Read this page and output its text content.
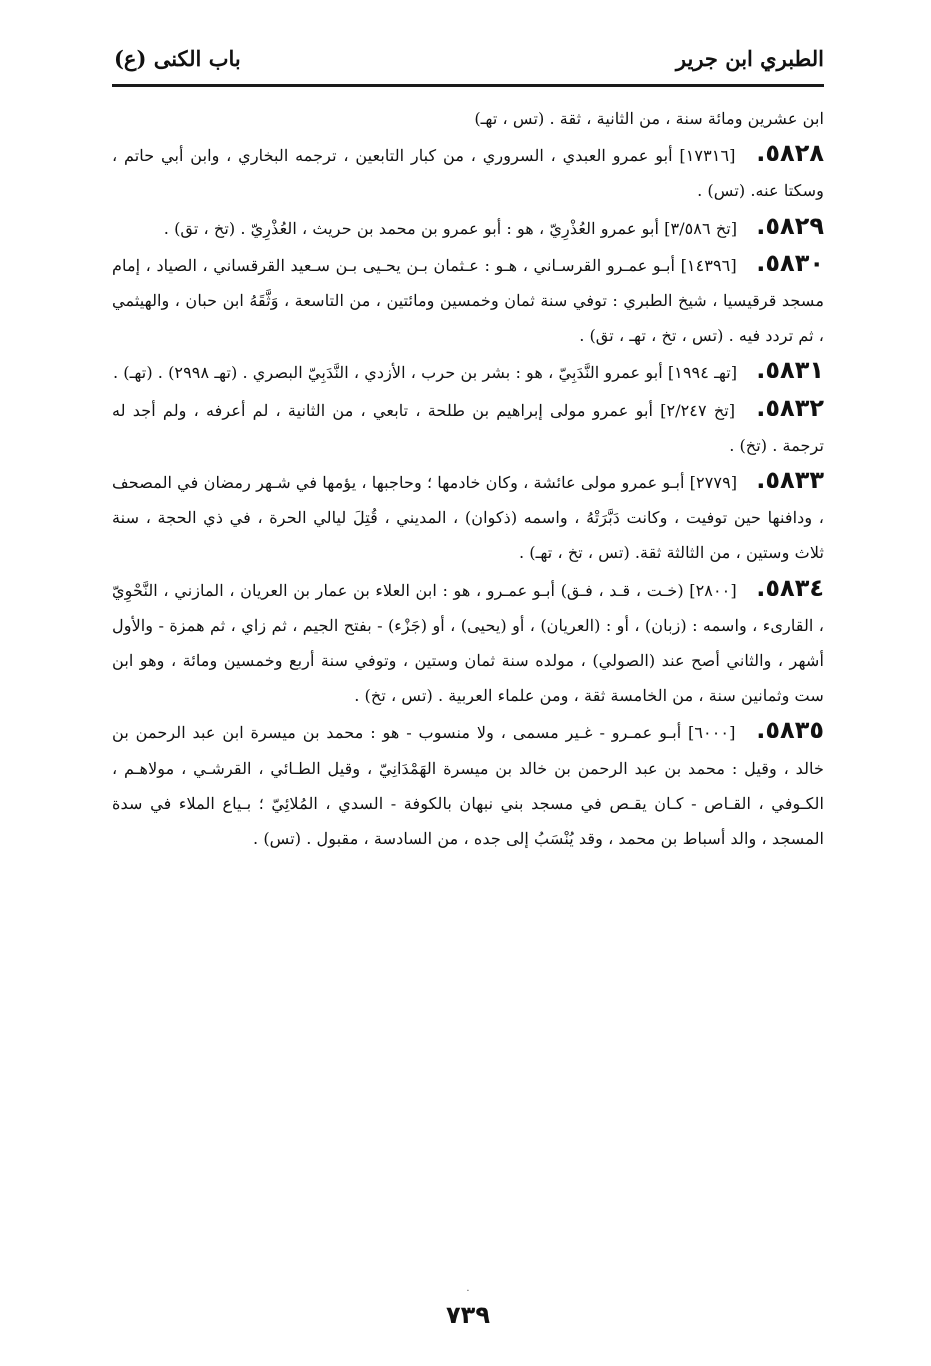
الطبري ابن جرير
باب الكنى (ع)

ابن عشرين ومائة سنة ، من الثانية ، ثقة . (تس ، تهـ)

٥٨٢٨. [١٧٣١٦] أبو عمرو العبدي ، السروري ، من كبار التابعين ، ترجمه البخاري ، وابن أبي حاتم ، وسكتا عنه. (تس) .

٥٨٢٩. [تخ ٣/٥٨٦] أبو عمرو العُذْرِيّ ، هو : أبو عمرو بن محمد بن حريث ، العُذْرِيّ . (تخ ، تق) .

٥٨٣٠. [١٤٣٩٦] أبـو عمـرو القرسـاني ، هـو : عـثمان بـن يحـيى بـن سـعيد القرقساني ، الصياد ، إمام مسجد قرقيسيا ، شيخ الطبري : توفي سنة ثمان وخمسين ومائتين ، من التاسعة ، وَثَّقَهُ ابن حبان ، والهيثمي ، ثم تردد فيه . (تس ، تخ ، تهـ ، تق) .

٥٨٣١. [تهـ ١٩٩٤] أبو عمرو النَّدَبِيّ ، هو : بشر بن حرب ، الأزدي ، النَّدَبِيّ البصري . (تهـ ٢٩٩٨) . (تهـ) .

٥٨٣٢. [تخ ٢/٢٤٧] أبو عمرو مولى إبراهيم بن طلحة ، تابعي ، من الثانية ، لم أعرفه ، ولم أجد له ترجمة . (تخ) .

٥٨٣٣. [٢٧٧٩] أبـو عمرو مولى عائشة ، وكان خادمها ؛ وحاجبها ، يؤمها في شـهر رمضان في المصحف ، ودافنها حين توفيت ، وكانت دَبَّرَتْهُ ، واسمه (ذكوان) ، المديني ، قُتِلَ ليالي الحرة ، في ذي الحجة ، سنة ثلاث وستين ، من الثالثة ثقة. (تس ، تخ ، تهـ) .

٥٨٣٤. [٢٨٠٠] (خـت ، قـد ، فـق) أبـو عمـرو ، هو : ابن العلاء بن عمار بن العريان ، المازني ، النَّحْوِيّ ، القارىء ، واسمه : (زبان) ، أو : (العريان) ، أو (يحيى) ، أو (جَزْء) - بفتح الجيم ، ثم زاي ، ثم همزة - والأول أشهر ، والثاني أصح عند (الصولي) ، مولده سنة ثمان وستين ، وتوفي سنة أربع وخمسين ومائة ، وهو ابن ست وثمانين سنة ، من الخامسة ثقة ، ومن علماء العربية . (تس ، تخ) .

٥٨٣٥. [٦٠٠٠] أبـو عمـرو - غـير مسمى ، ولا منسوب - هو : محمد بن ميسرة ابن عبد الرحمن بن خالد ، وقيل : محمد بن عبد الرحمن بن خالد بن ميسرة الهَمْدَانِيّ ، وقيل الطـائي ، القرشـي ، مولاهـم ، الكـوفي ، القـاص - كـان يقـص في مسجد بني نبهان بالكوفة - السدي ، المُلائِيّ ؛ بـياع الملاء في سدة المسجد ، والد أسباط بن محمد ، وقد يُنْسَبُ إلى جده ، من السادسة ، مقبول . (تس) .

·
٧٣٩
